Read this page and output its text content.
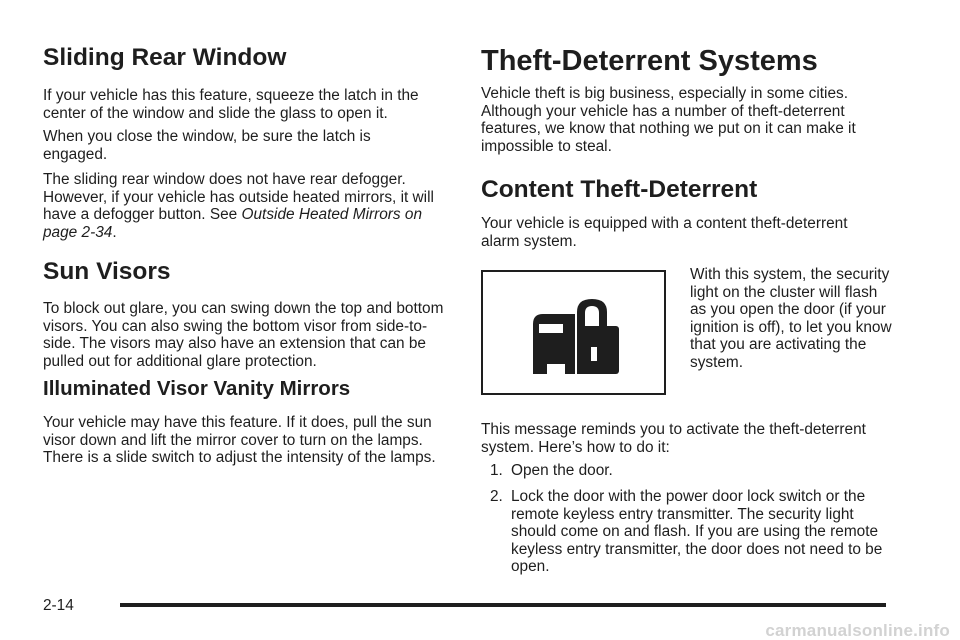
Sliding Rear Window

If your vehicle has this feature, squeeze the latch in the center of the window and slide the glass to open it.

When you close the window, be sure the latch is engaged.

The sliding rear window does not have rear defogger. However, if your vehicle has outside heated mirrors, it will have a defogger button. See Outside Heated Mirrors on page 2-34.

Sun Visors

To block out glare, you can swing down the top and bottom visors. You can also swing the bottom visor from side-to-side. The visors may also have an extension that can be pulled out for additional glare protection.

Illuminated Visor Vanity Mirrors

Your vehicle may have this feature. If it does, pull the sun visor down and lift the mirror cover to turn on the lamps. There is a slide switch to adjust the intensity of the lamps.

Theft-Deterrent Systems

Vehicle theft is big business, especially in some cities. Although your vehicle has a number of theft-deterrent features, we know that nothing we put on it can make it impossible to steal.

Content Theft-Deterrent

Your vehicle is equipped with a content theft-deterrent alarm system.

With this system, the security light on the cluster will flash as you open the door (if your ignition is off), to let you know that you are activating the system.

This message reminds you to activate the theft-deterrent system. Here’s how to do it:

1. Open the door.

2. Lock the door with the power door lock switch or the remote keyless entry transmitter. The security light should come on and flash. If you are using the remote keyless entry transmitter, the door does not need to be open.

2-14
carmanualsonline.info
